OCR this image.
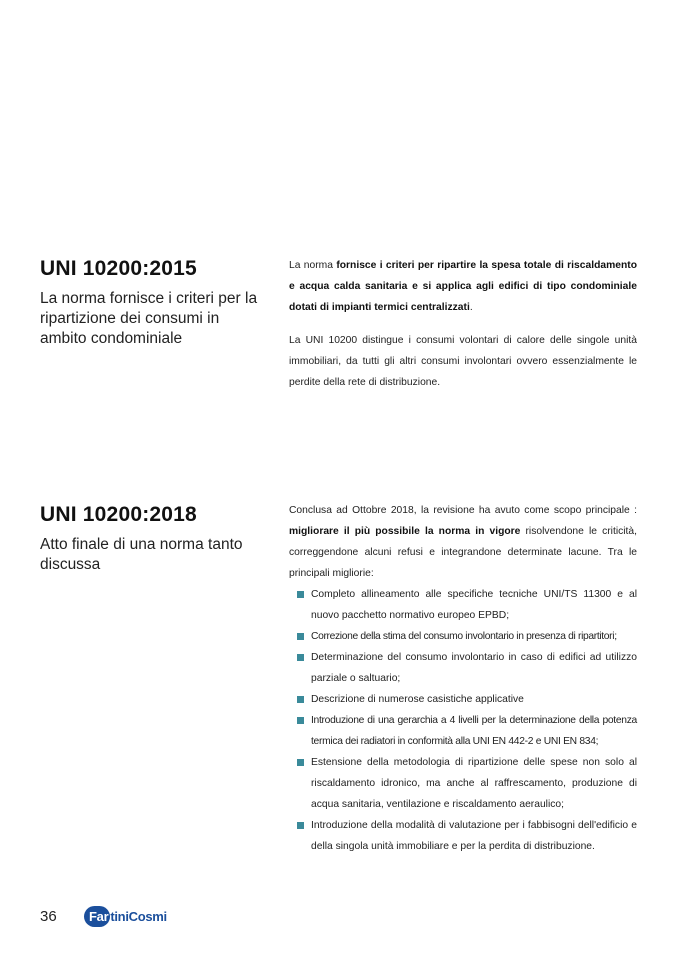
UNI 10200:2015
La norma fornisce i criteri per la ripartizione dei consumi in ambito condominiale

La norma fornisce i criteri per ripartire la spesa totale di riscaldamento e acqua calda sanitaria e si applica agli edifici di tipo condominiale dotati di impianti termici centralizzati.

La UNI 10200 distingue i consumi volontari di calore delle singole unità immobiliari, da tutti gli altri consumi involontari ovvero essenzialmente le perdite della rete di distribuzione.

UNI 10200:2018
Atto finale di una norma tanto discussa

Conclusa ad Ottobre 2018, la revisione ha avuto come scopo principale : migliorare il più possibile la norma in vigore risolvendone le criticità, correggendone alcuni refusi e integrandone determinate lacune. Tra le principali migliorie:

Completo allineamento alle specifiche tecniche UNI/TS 11300 e al nuovo pacchetto normativo europeo EPBD;
Correzione della stima del consumo involontario in presenza di ripartitori;
Determinazione del consumo involontario in caso di edifici ad utilizzo parziale o saltuario;
Descrizione di numerose casistiche applicative
Introduzione di una gerarchia a 4 livelli per la determinazione della potenza termica dei radiatori in conformità alla UNI EN 442-2 e UNI EN 834;
Estensione della metodologia di ripartizione delle spese non solo al riscaldamento idronico, ma anche al raffrescamento, produzione di acqua sanitaria, ventilazione e riscaldamento aeraulico;
Introduzione della modalità di valutazione per i fabbisogni dell'edificio e della singola unità immobiliare e per la perdita di distribuzione.
36	Far tiniCosmi
